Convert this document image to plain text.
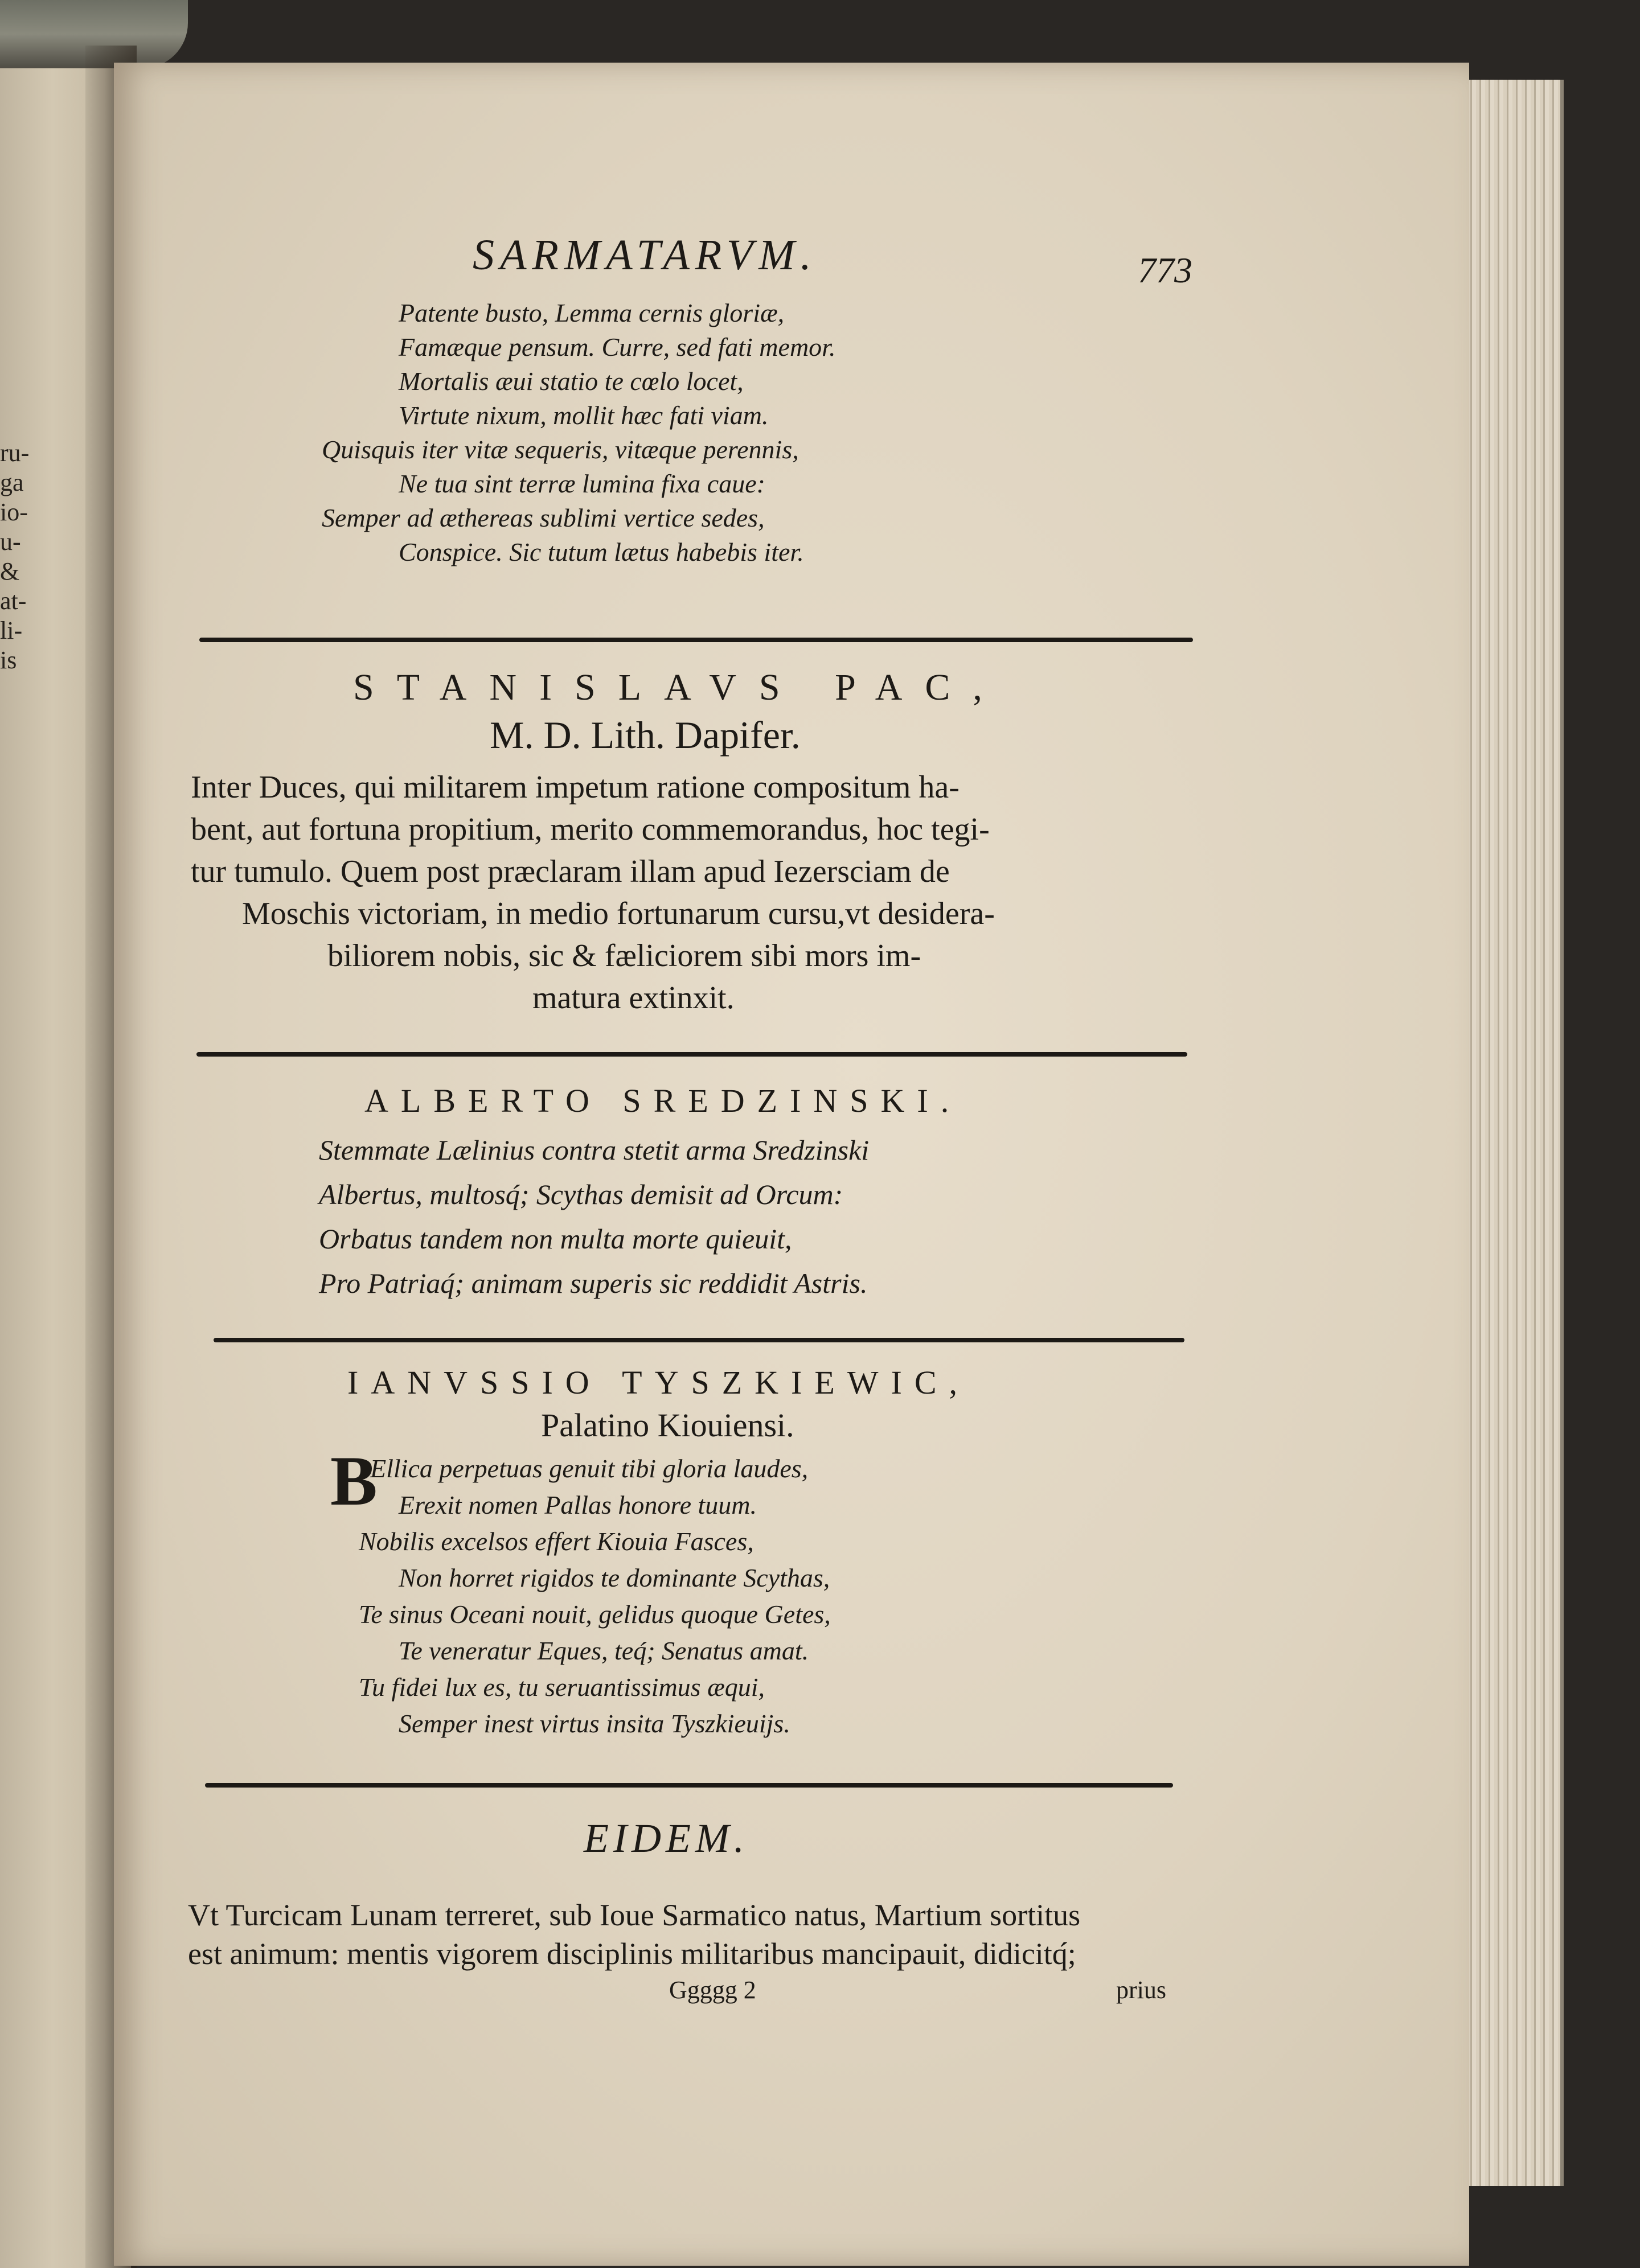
ru-
ga
io-
u-
&
at-
li-
is
SARMATARVM.	773
Patente busto, Lemma cernis gloriæ,
Famæque pensum. Curre, sed fati memor.
Mortalis æui statio te cœlo locet,
Virtute nixum, mollit hæc fati viam.
Quisquis iter vitæ sequeris, vitæque perennis,
Ne tua sint terræ lumina fixa caue:
Semper ad æthereas sublimi vertice sedes,
Conspice. Sic tutum lætus habebis iter.
STANISLAVS PAC,
M. D. Lith. Dapifer.
Inter Duces, qui militarem impetum ratione compositum ha-
bent, aut fortuna propitium, merito commemorandus, hoc tegi-
tur tumulo. Quem post præclaram illam apud Iezersciam de
Moschis victoriam, in medio fortunarum cursu,vt desidera-
biliorem nobis, sic & fæliciorem sibi mors im-
matura extinxit.
ALBERTO SREDZINSKI.
Stemmate Lælinius contra stetit arma Sredzinski
Albertus, multosq́; Scythas demisit ad Orcum:
Orbatus tandem non multa morte quieuit,
Pro Patriaq́; animam superis sic reddidit Astris.
IANVSSIO TYSZKIEWIC,
Palatino Kiouiensi.
B
Ellica perpetuas genuit tibi gloria laudes,
Erexit nomen Pallas honore tuum.
Nobilis excelsos effert Kiouia Fasces,
Non horret rigidos te dominante Scythas,
Te sinus Oceani nouit, gelidus quoque Getes,
Te veneratur Eques, teq́; Senatus amat.
Tu fidei lux es, tu seruantissimus æqui,
Semper inest virtus insita Tyszkieuijs.
EIDEM.
Vt Turcicam Lunam terreret, sub Ioue Sarmatico natus, Martium sortitus
est animum: mentis vigorem disciplinis militaribus mancipauit, didicitq́;
Ggggg 2	prius
